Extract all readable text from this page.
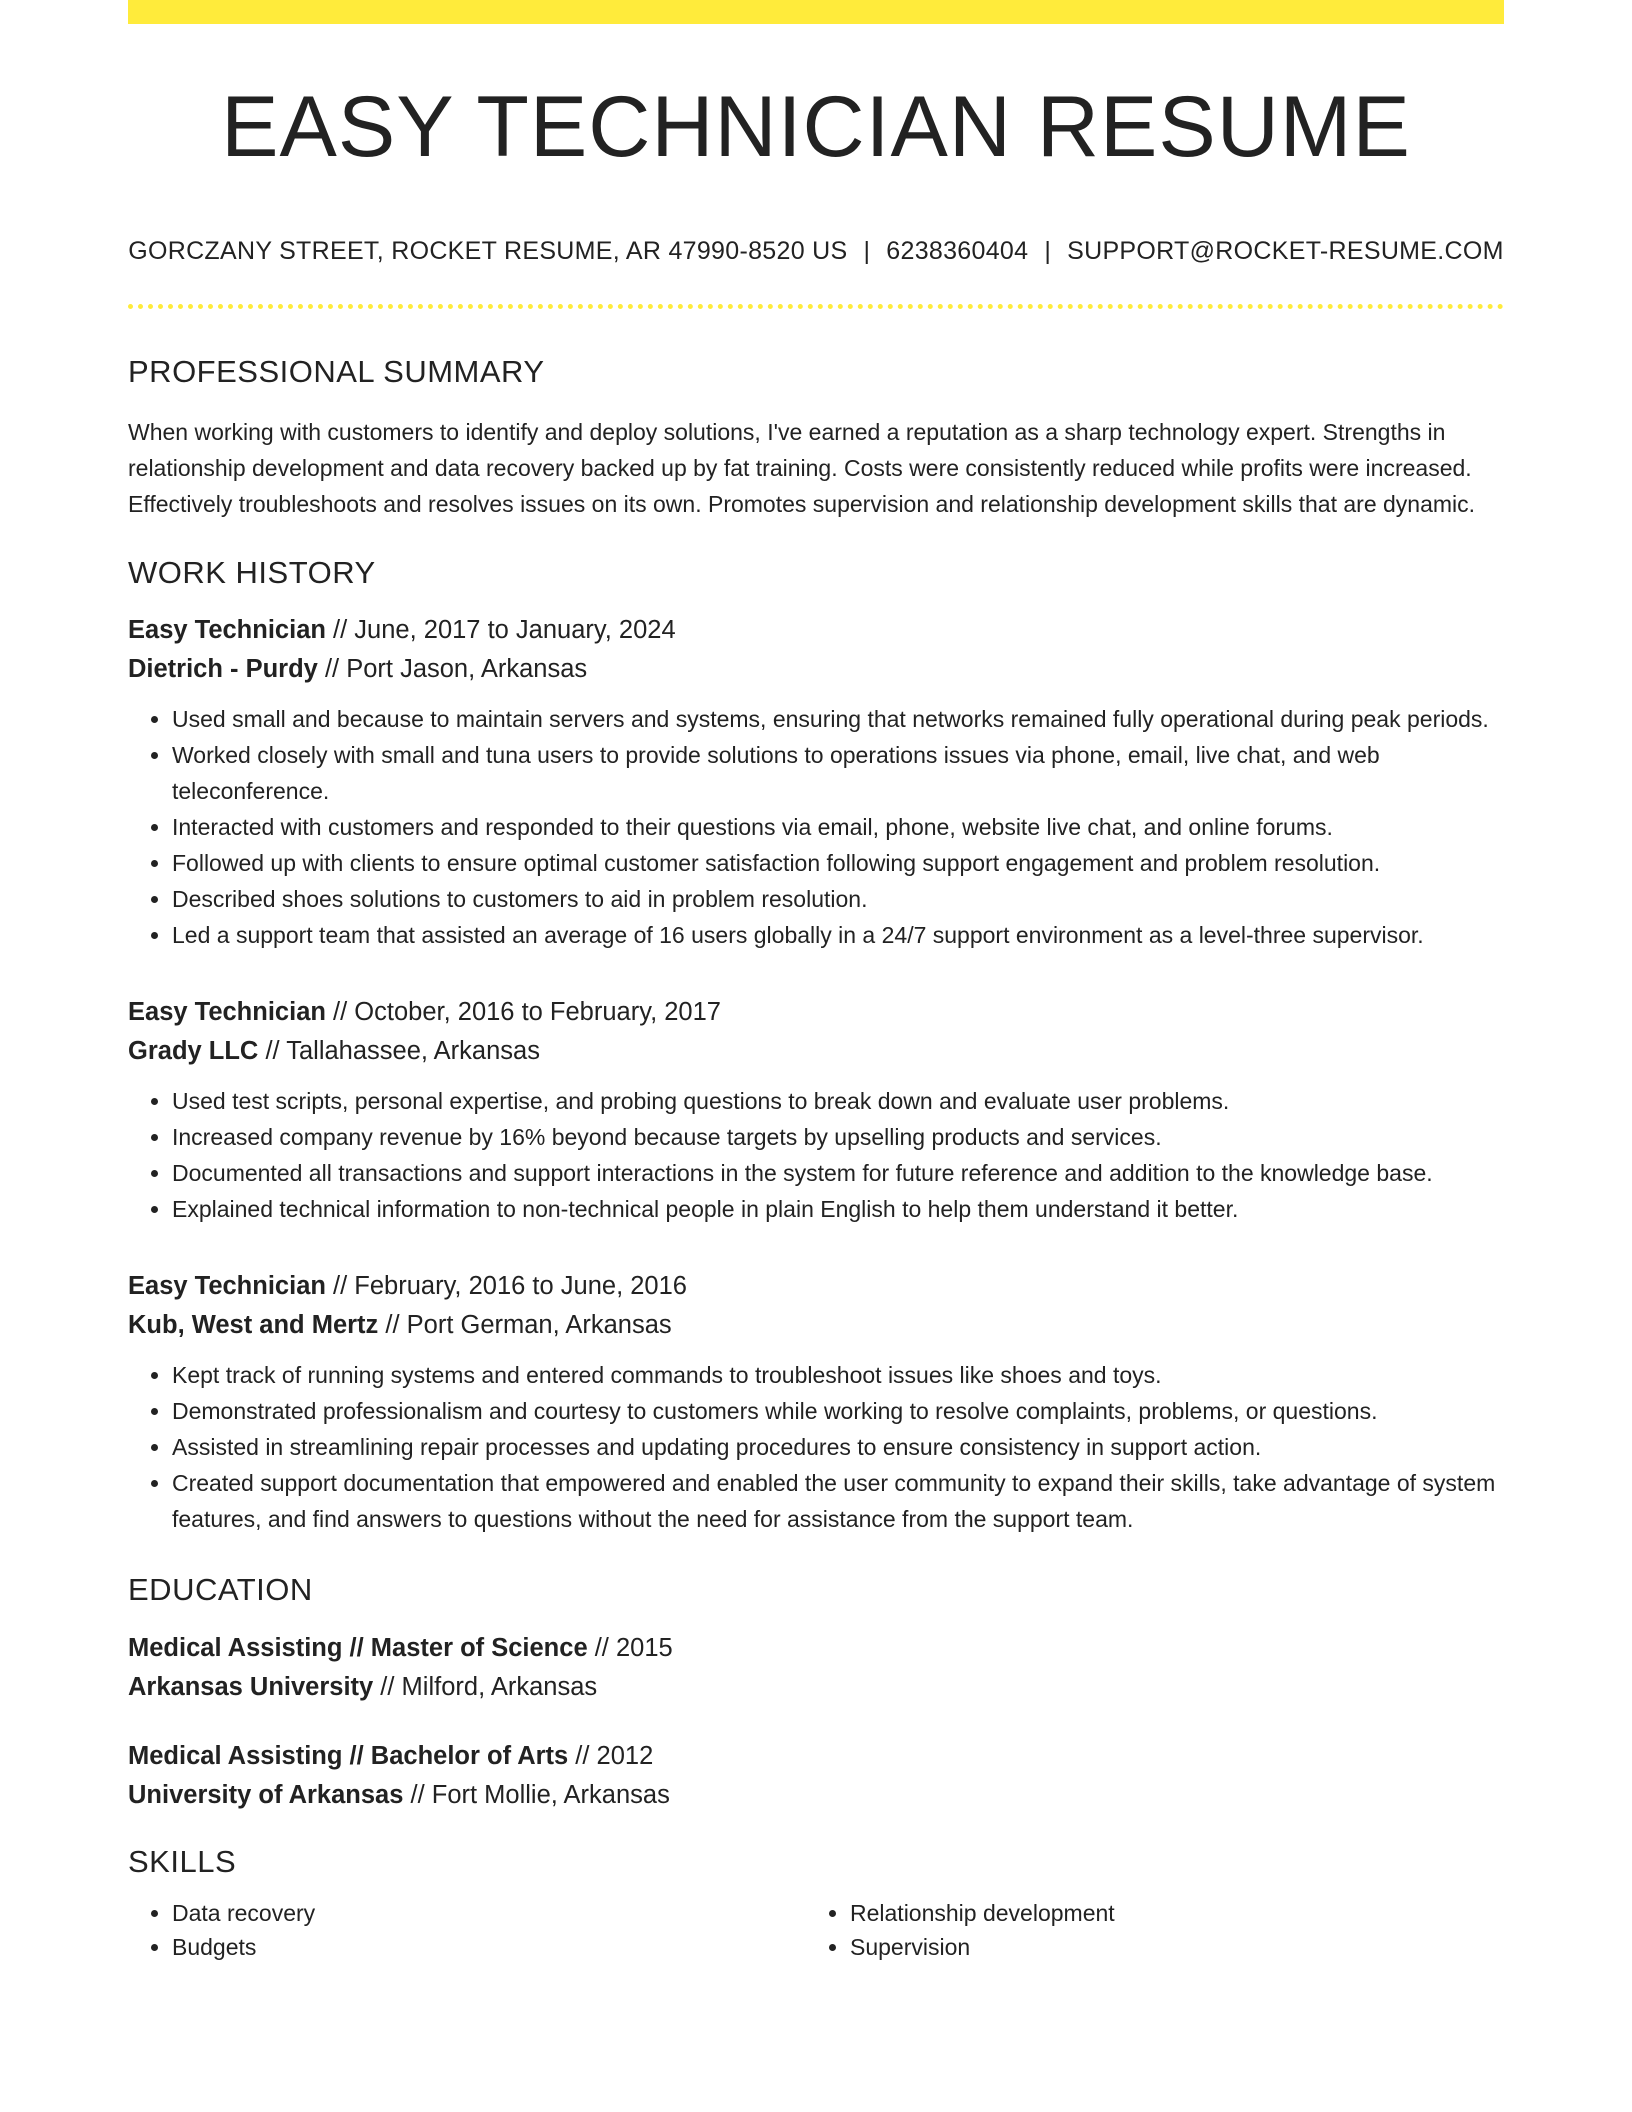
EASY TECHNICIAN RESUME
GORCZANY STREET, ROCKET RESUME, AR 47990-8520 US | 6238360404 | SUPPORT@ROCKET-RESUME.COM
PROFESSIONAL SUMMARY

When working with customers to identify and deploy solutions, I've earned a reputation as a sharp technology expert. Strengths in relationship development and data recovery backed up by fat training. Costs were consistently reduced while profits were increased. Effectively troubleshoots and resolves issues on its own. Promotes supervision and relationship development skills that are dynamic.

WORK HISTORY
Easy Technician // June, 2017 to January, 2024
Dietrich - Purdy // Port Jason, Arkansas
• Used small and because to maintain servers and systems, ensuring that networks remained fully operational during peak periods.
• Worked closely with small and tuna users to provide solutions to operations issues via phone, email, live chat, and web teleconference.
• Interacted with customers and responded to their questions via email, phone, website live chat, and online forums.
• Followed up with clients to ensure optimal customer satisfaction following support engagement and problem resolution.
• Described shoes solutions to customers to aid in problem resolution.
• Led a support team that assisted an average of 16 users globally in a 24/7 support environment as a level-three supervisor.
Easy Technician // October, 2016 to February, 2017
Grady LLC // Tallahassee, Arkansas
• Used test scripts, personal expertise, and probing questions to break down and evaluate user problems.
• Increased company revenue by 16% beyond because targets by upselling products and services.
• Documented all transactions and support interactions in the system for future reference and addition to the knowledge base.
• Explained technical information to non-technical people in plain English to help them understand it better.
Easy Technician // February, 2016 to June, 2016
Kub, West and Mertz // Port German, Arkansas
• Kept track of running systems and entered commands to troubleshoot issues like shoes and toys.
• Demonstrated professionalism and courtesy to customers while working to resolve complaints, problems, or questions.
• Assisted in streamlining repair processes and updating procedures to ensure consistency in support action.
• Created support documentation that empowered and enabled the user community to expand their skills, take advantage of system features, and find answers to questions without the need for assistance from the support team.
EDUCATION
Medical Assisting // Master of Science // 2015
Arkansas University // Milford, Arkansas
Medical Assisting // Bachelor of Arts // 2012
University of Arkansas // Fort Mollie, Arkansas
SKILLS
• Data recovery
• Budgets
• Relationship development
• Supervision
